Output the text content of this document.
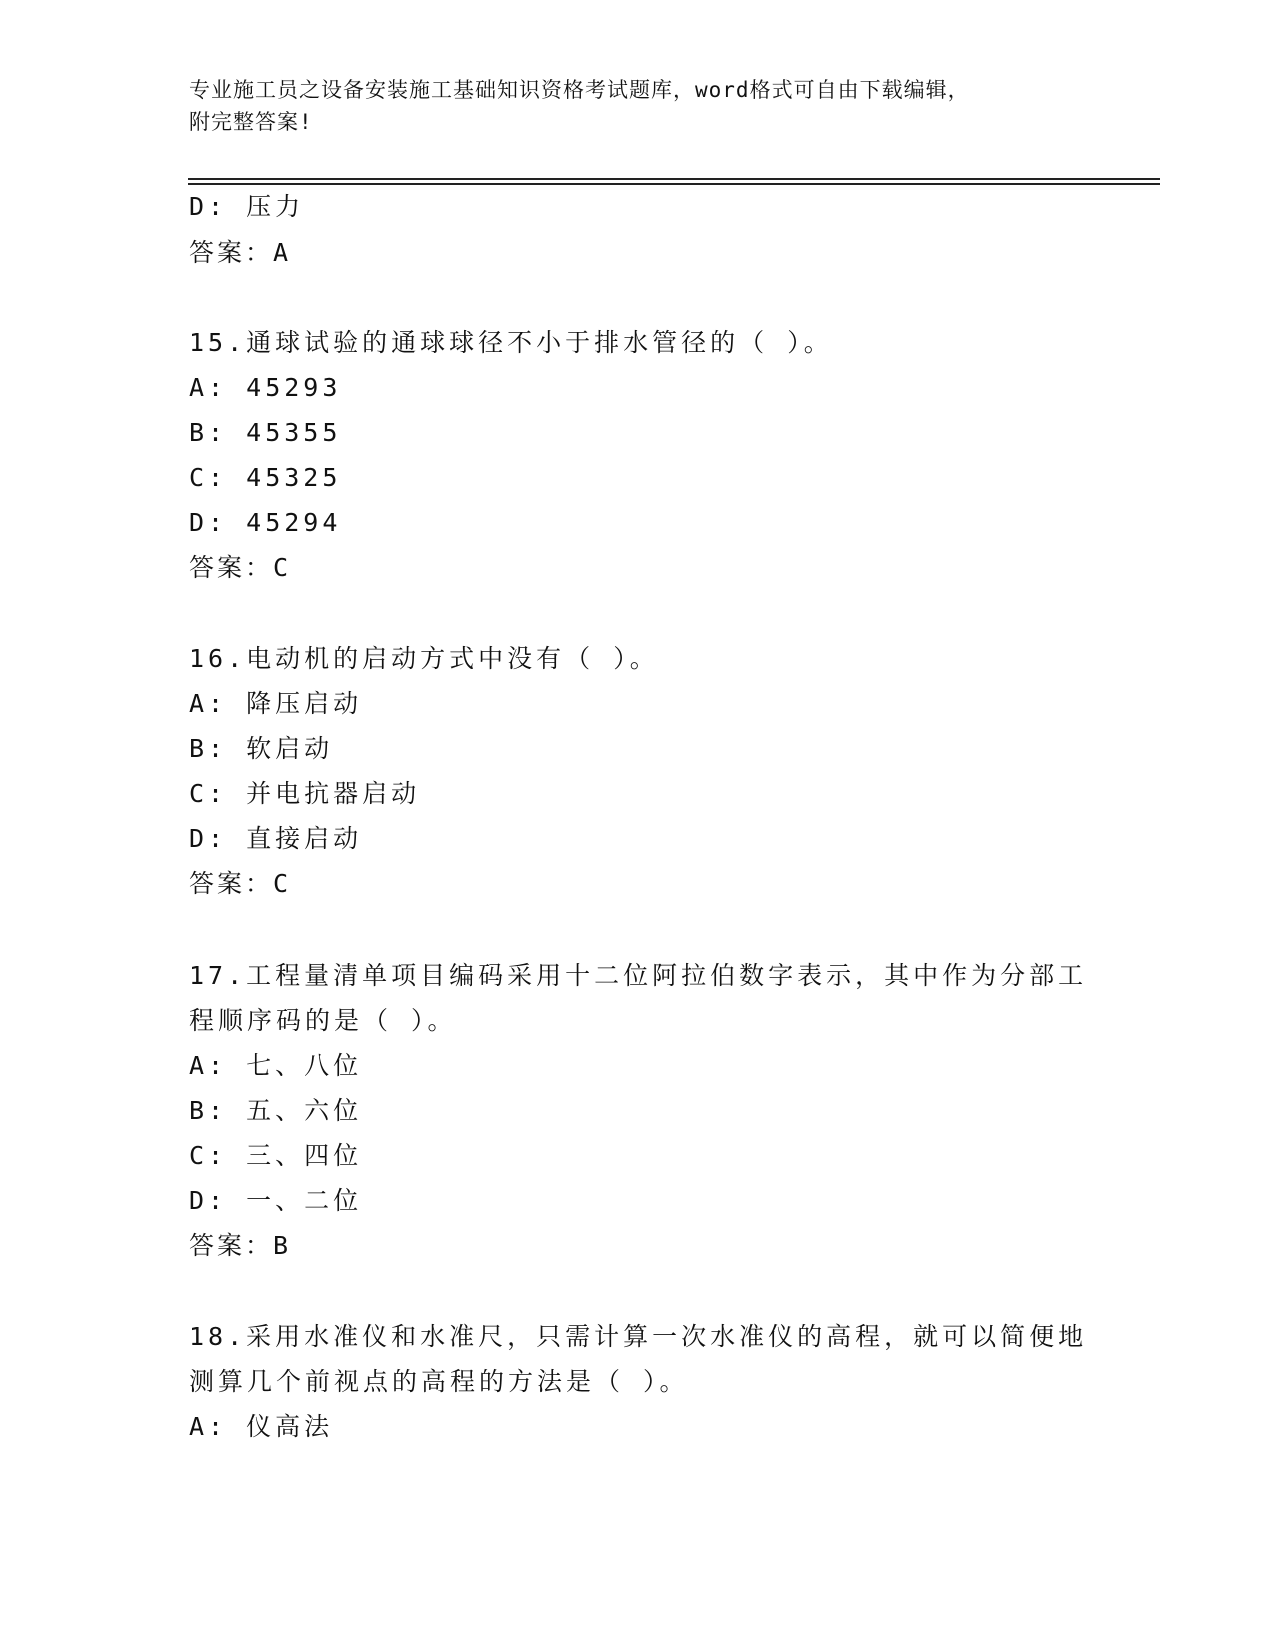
专业施工员之设备安装施工基础知识资格考试题库，word格式可自由下载编辑，
附完整答案!
D: 压力
答案：A
15.通球试验的通球球径不小于排水管径的（ ）。
A: 45293
B: 45355
C: 45325
D: 45294
答案：C
16.电动机的启动方式中没有（ ）。
A: 降压启动
B: 软启动
C: 并电抗器启动
D: 直接启动
答案：C
17.工程量清单项目编码采用十二位阿拉伯数字表示，其中作为分部工
程顺序码的是（ ）。
A: 七、八位
B: 五、六位
C: 三、四位
D: 一、二位
答案：B
18.采用水准仪和水准尺，只需计算一次水准仪的高程，就可以简便地
测算几个前视点的高程的方法是（ ）。
A: 仪高法
